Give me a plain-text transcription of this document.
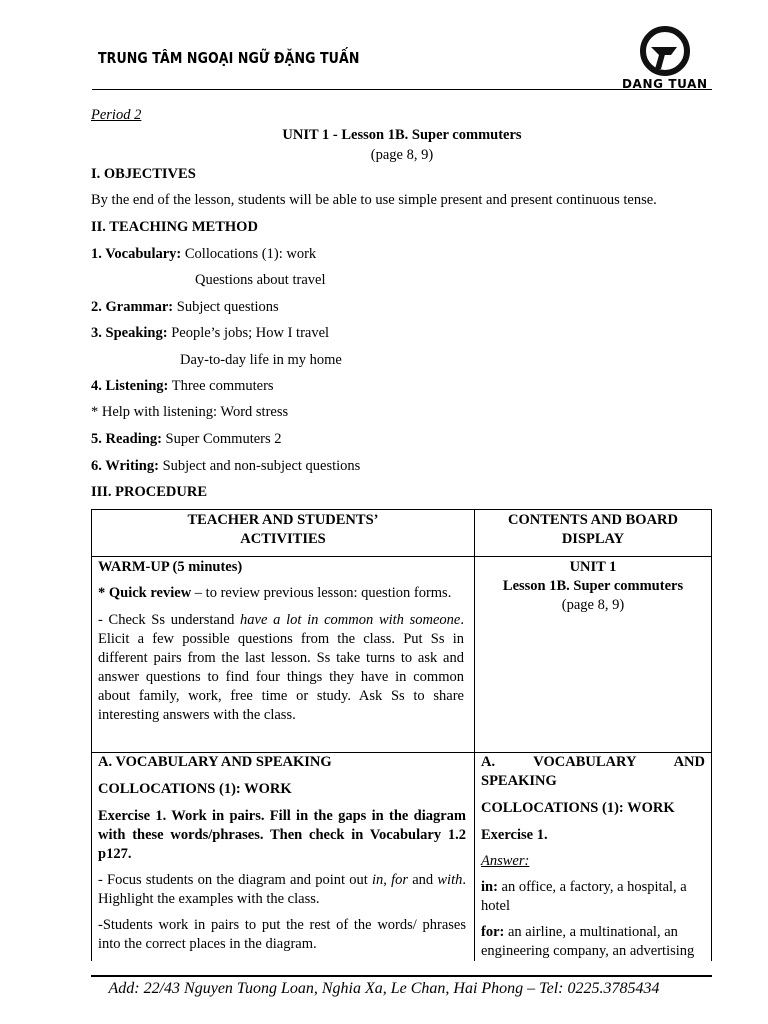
TRUNG TÂM NGOẠI NGỮ ĐẶNG TUẤN
DANG TUAN
Period 2
UNIT 1 - Lesson 1B. Super commuters
(page 8, 9)
I. OBJECTIVES
By the end of the lesson, students will be able to use simple present and present continuous tense.
II. TEACHING METHOD
1. Vocabulary: Collocations (1): work
Questions about travel
2. Grammar: Subject questions
3. Speaking: People’s jobs; How I travel
Day-to-day life in my home
4. Listening: Three commuters
* Help with listening: Word stress
5. Reading: Super Commuters 2
6. Writing: Subject and non-subject questions
III. PROCEDURE

TEACHER AND STUDENTS’

ACTIVITIES

CONTENTS AND BOARD

DISPLAY

WARM-UP (5 minutes)

* Quick review – to review previous lesson: question forms.

- Check Ss understand have a lot in common with someone. Elicit a few possible questions from the class. Put Ss in different pairs from the last lesson. Ss take turns to ask and answer questions to find four things they have in common about family, work, free time or study. Ask Ss to share interesting answers with the class.

UNIT 1

Lesson 1B. Super commuters

(page 8, 9)

A. VOCABULARY AND SPEAKING

COLLOCATIONS (1): WORK

Exercise 1. Work in pairs. Fill in the gaps in the diagram with these words/phrases. Then check in Vocabulary 1.2 p127.

- Focus students on the diagram and point out in, for and with. Highlight the examples with the class.

-Students work in pairs to put the rest of the words/ phrases into the correct places in the diagram.

A. VOCABULARY AND SPEAKING

COLLOCATIONS (1): WORK

Exercise 1.

Answer:

in: an office, a factory, a hospital, a hotel

for: an airline, a multinational, an engineering company, an advertising

Add: 22/43 Nguyen Tuong Loan, Nghia Xa, Le Chan, Hai Phong – Tel: 0225.3785434
